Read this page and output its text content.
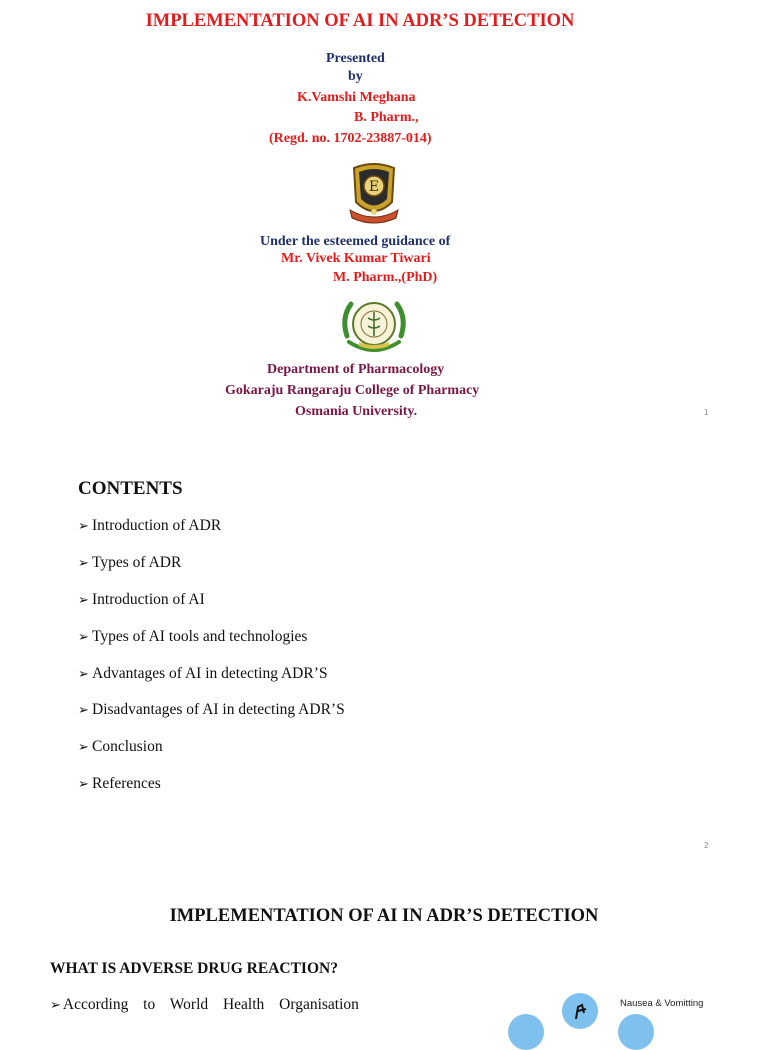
IMPLEMENTATION OF AI IN ADR’S DETECTION
Presented
by
K.Vamshi Meghana
B. Pharm.,
(Regd. no. 1702-23887-014)
E
Under the esteemed guidance of
Mr. Vivek Kumar Tiwari
M. Pharm.,(PhD)
Department of Pharmacology
Gokaraju Rangaraju College of Pharmacy
Osmania University.	1
CONTENTS
➢ Introduction of ADR
➢ Types of ADR
➢ Introduction of AI
➢ Types of AI tools and technologies
➢ Advantages of AI in detecting ADR’S
➢ Disadvantages of AI in detecting ADR’S
➢ Conclusion
➢ References
2
IMPLEMENTATION OF AI IN ADR’S DETECTION
WHAT IS ADVERSE DRUG REACTION?
➢ According to World Health Organisation	Nausea & Vomitting
